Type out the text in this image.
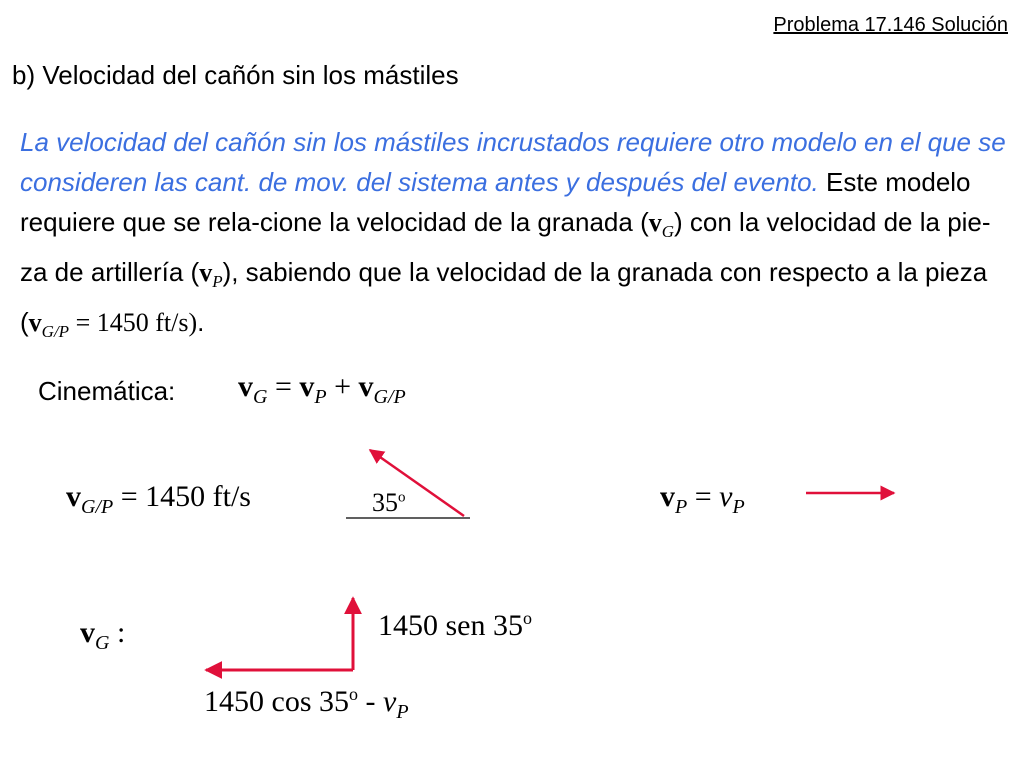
Problema 17.146 Solución
b) Velocidad del cañón sin los mástiles
La velocidad del cañón sin los mástiles incrustados requiere otro modelo en el que se consideren las cant. de mov. del sistema antes y después del evento. Este modelo requiere que se rela-cione la velocidad de la granada $(v_G)$ con la velocidad de la pie-za de artillería $(v_P)$, sabiendo que la velocidad de la granada con respecto a la pieza ($v_{G/P} = 1450$ ft/s).
Cinemática: $v_G = v_P + v_{G/P}$
$v_{G/P} = 1450$ ft/s	35$^o$	$v_P = v_P$
$v_G$ :	1450 sen 35$^o$
1450 $\cos 35^o - v_P$
